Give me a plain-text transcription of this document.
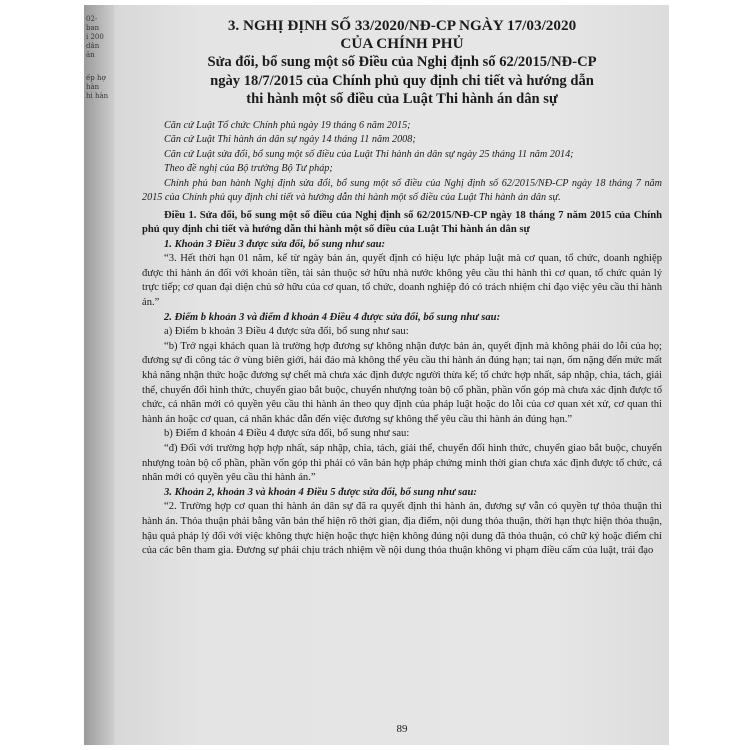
02-
ban
i 200
dẫn
ăn
ếp hợ
hàn
hi hàn
3. NGHỊ ĐỊNH SỐ 33/2020/NĐ-CP NGÀY 17/03/2020
CỦA CHÍNH PHỦ
Sửa đổi, bổ sung một số Điều của Nghị định số 62/2015/NĐ-CP
ngày 18/7/2015 của Chính phủ quy định chi tiết và hướng dẫn
thi hành một số điều của Luật Thi hành án dân sự

Căn cứ Luật Tổ chức Chính phủ ngày 19 tháng 6 năm 2015;

Căn cứ Luật Thi hành án dân sự ngày 14 tháng 11 năm 2008;

Căn cứ Luật sửa đổi, bổ sung một số điều của Luật Thi hành án dân sự ngày 25 tháng 11 năm 2014;

Theo đề nghị của Bộ trưởng Bộ Tư pháp;

Chính phủ ban hành Nghị định sửa đổi, bổ sung một số điều của Nghị định số 62/2015/NĐ-CP ngày 18 tháng 7 năm 2015 của Chính phủ quy định chi tiết và hướng dẫn thi hành một số điều của Luật Thi hành án dân sự.

Điều 1. Sửa đổi, bổ sung một số điều của Nghị định số 62/2015/NĐ-CP ngày 18 tháng 7 năm 2015 của Chính phủ quy định chi tiết và hướng dẫn thi hành một số điều của Luật Thi hành án dân sự

1. Khoản 3 Điều 3 được sửa đổi, bổ sung như sau:

“3. Hết thời hạn 01 năm, kể từ ngày bản án, quyết định có hiệu lực pháp luật mà cơ quan, tổ chức, doanh nghiệp được thi hành án đối với khoản tiền, tài sản thuộc sở hữu nhà nước không yêu cầu thi hành thì cơ quan, tổ chức quản lý trực tiếp; cơ quan đại diện chủ sở hữu của cơ quan, tổ chức, doanh nghiệp đó có trách nhiệm chỉ đạo việc yêu cầu thi hành án.”

2. Điểm b khoản 3 và điểm đ khoản 4 Điều 4 được sửa đổi, bổ sung như sau:

a) Điểm b khoản 3 Điều 4 được sửa đổi, bổ sung như sau:

“b) Trở ngại khách quan là trường hợp đương sự không nhận được bản án, quyết định mà không phải do lỗi của họ; đương sự đi công tác ở vùng biên giới, hải đảo mà không thể yêu cầu thi hành án đúng hạn; tai nạn, ốm nặng đến mức mất khả năng nhận thức hoặc đương sự chết mà chưa xác định được người thừa kế; tổ chức hợp nhất, sáp nhập, chia, tách, giải thể, chuyển đổi hình thức, chuyển giao bắt buộc, chuyển nhượng toàn bộ cổ phần, phần vốn góp mà chưa xác định được tổ chức, cá nhân mới có quyền yêu cầu thi hành án theo quy định của pháp luật hoặc do lỗi của cơ quan xét xử, cơ quan thi hành án hoặc cơ quan, cá nhân khác dẫn đến việc đương sự không thể yêu cầu thi hành án đúng hạn.”

b) Điểm đ khoản 4 Điều 4 được sửa đổi, bổ sung như sau:

“đ) Đối với trường hợp hợp nhất, sáp nhập, chia, tách, giải thể, chuyển đổi hình thức, chuyển giao bắt buộc, chuyển nhượng toàn bộ cổ phần, phần vốn góp thì phải có văn bản hợp pháp chứng minh thời gian chưa xác định được tổ chức, cá nhân mới có quyền yêu cầu thi hành án.”

3. Khoản 2, khoản 3 và khoản 4 Điều 5 được sửa đổi, bổ sung như sau:

“2. Trường hợp cơ quan thi hành án dân sự đã ra quyết định thi hành án, đương sự vẫn có quyền tự thỏa thuận thi hành án. Thỏa thuận phải bằng văn bản thể hiện rõ thời gian, địa điểm, nội dung thỏa thuận, thời hạn thực hiện thỏa thuận, hậu quả pháp lý đối với việc không thực hiện hoặc thực hiện không đúng nội dung đã thỏa thuận, có chữ ký hoặc điểm chỉ của các bên tham gia. Đương sự phải chịu trách nhiệm về nội dung thỏa thuận không vi phạm điều cấm của luật, trái đạo

89
